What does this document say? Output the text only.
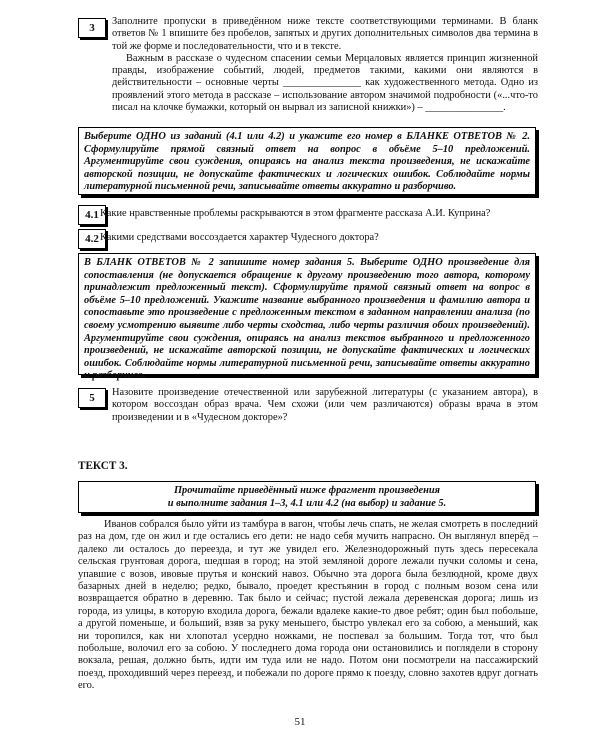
3

Заполните пропуски в приведённом ниже тексте соответствующими терминами. В бланк ответов № 1 впишите без пробелов, запятых и других дополнительных символов два термина в той же форме и последовательности, что и в тексте.

Важным в рассказе о чудесном спасении семьи Мерцаловых является принцип жизненной правды, изображение событий, людей, предметов такими, какими они являются в действительности – основные черты _______________ как художественного метода. Одно из проявлений этого метода в рассказе – использование автором значимой подробности («...что-то писал на клочке бумажки, который он вырвал из записной книжки») – _______________.

Выберите ОДНО из заданий (4.1 или 4.2) и укажите его номер в БЛАНКЕ ОТВЕТОВ № 2. Сформулируйте прямой связный ответ на вопрос в объёме 5–10 предложений. Аргументируйте свои суждения, опираясь на анализ текста произведения, не искажайте авторской позиции, не допускайте фактических и логических ошибок. Соблюдайте нормы литературной письменной речи, записывайте ответы аккуратно и разборчиво.
4.1 Какие нравственные проблемы раскрываются в этом фрагменте рассказа А.И. Куприна?
4.2 Какими средствами воссоздается характер Чудесного доктора?
В БЛАНК ОТВЕТОВ № 2 запишите номер задания 5. Выберите ОДНО произведение для сопоставления (не допускается обращение к другому произведению того автора, которому принадлежит предложенный текст). Сформулируйте прямой связный ответ на вопрос в объёме 5–10 предложений. Укажите название выбранного произведения и фамилию автора и сопоставьте это произведение с предложенным текстом в заданном направлении анализа (по своему усмотрению выявите либо черты сходства, либо черты различия обоих произведений). Аргументируйте свои суждения, опираясь на анализ текстов выбранного и предложенного произведений, не искажайте авторской позиции, не допускайте фактических и логических ошибок. Соблюдайте нормы литературной письменной речи, записывайте ответы аккуратно и разборчиво.
5	Назовите произведение отечественной или зарубежной литературы (с указанием автора), в котором воссоздан образ врача. Чем схожи (или чем различаются) образы врача в этом произведении и в «Чудесном докторе»?

ТЕКСТ 3.
Прочитайте приведённый ниже фрагмент произведения
и выполните задания 1–3, 4.1 или 4.2 (на выбор) и задание 5.

Иванов собрался было уйти из тамбура в вагон, чтобы лечь спать, не желая смотреть в последний раз на дом, где он жил и где остались его дети: не надо себя мучить напрасно. Он выглянул вперёд – далеко ли осталось до переезда, и тут же увидел его. Железнодорожный путь здесь пересекала сельская грунтовая дорога, шедшая в город; на этой земляной дороге лежали пучки соломы и сена, упавшие с возов, ивовые прутья и конский навоз. Обычно эта дорога была безлюдной, кроме двух базарных дней в неделю; редко, бывало, проедет крестьянин в город с полным возом сена или возвращается обратно в деревню. Так было и сейчас; пустой лежала деревенская дорога; лишь из города, из улицы, в которую входила дорога, бежали вдалеке какие-то двое ребят; один был побольше, а другой поменьше, и больший, взяв за руку меньшего, быстро увлекал его за собою, а меньший, как ни торопился, как ни хлопотал усердно ножками, не поспевал за большим. Тогда тот, что был побольше, волочил его за собою. У последнего дома города они остановились и поглядели в сторону вокзала, решая, должно быть, идти им туда или не надо. Потом они посмотрели на пассажирский поезд, проходивший через переезд, и побежали по дороге прямо к поезду, словно захотев вдруг догнать его.

51
